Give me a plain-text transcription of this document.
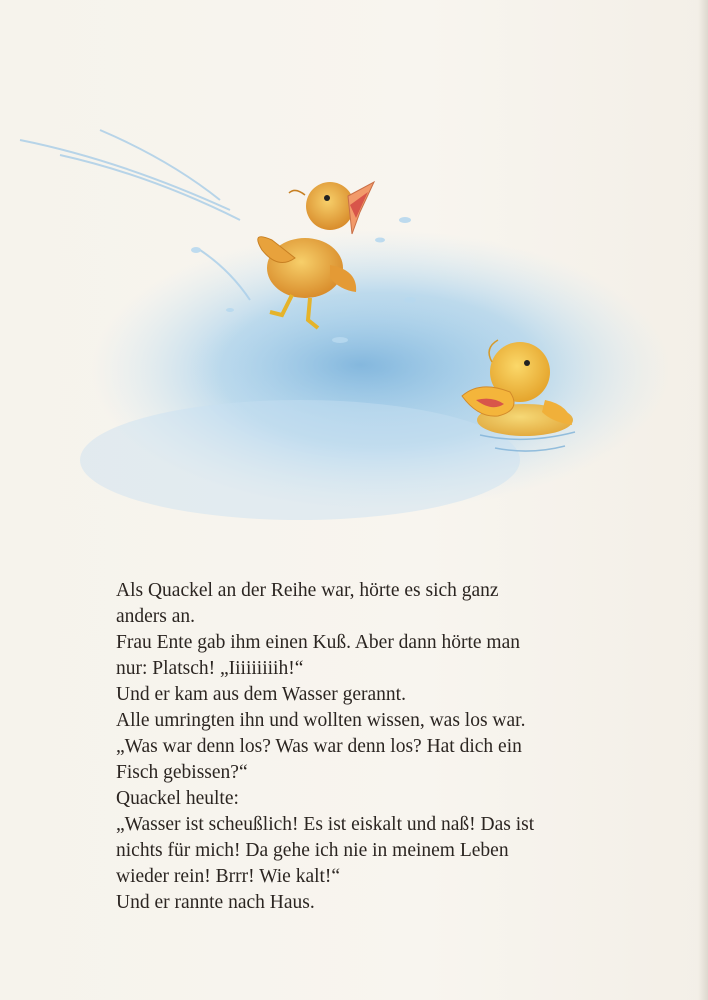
Als Quackel an der Reihe war, hörte es sich ganz

anders an.

Frau Ente gab ihm einen Kuß. Aber dann hörte man

nur: Platsch! „Iiiiiiiiih!“

Und er kam aus dem Wasser gerannt.

Alle umringten ihn und wollten wissen, was los war.

„Was war denn los? Was war denn los? Hat dich ein

Fisch gebissen?“

Quackel heulte:

„Wasser ist scheußlich! Es ist eiskalt und naß! Das ist

nichts für mich! Da gehe ich nie in meinem Leben

wieder rein! Brrr! Wie kalt!“

Und er rannte nach Haus.
